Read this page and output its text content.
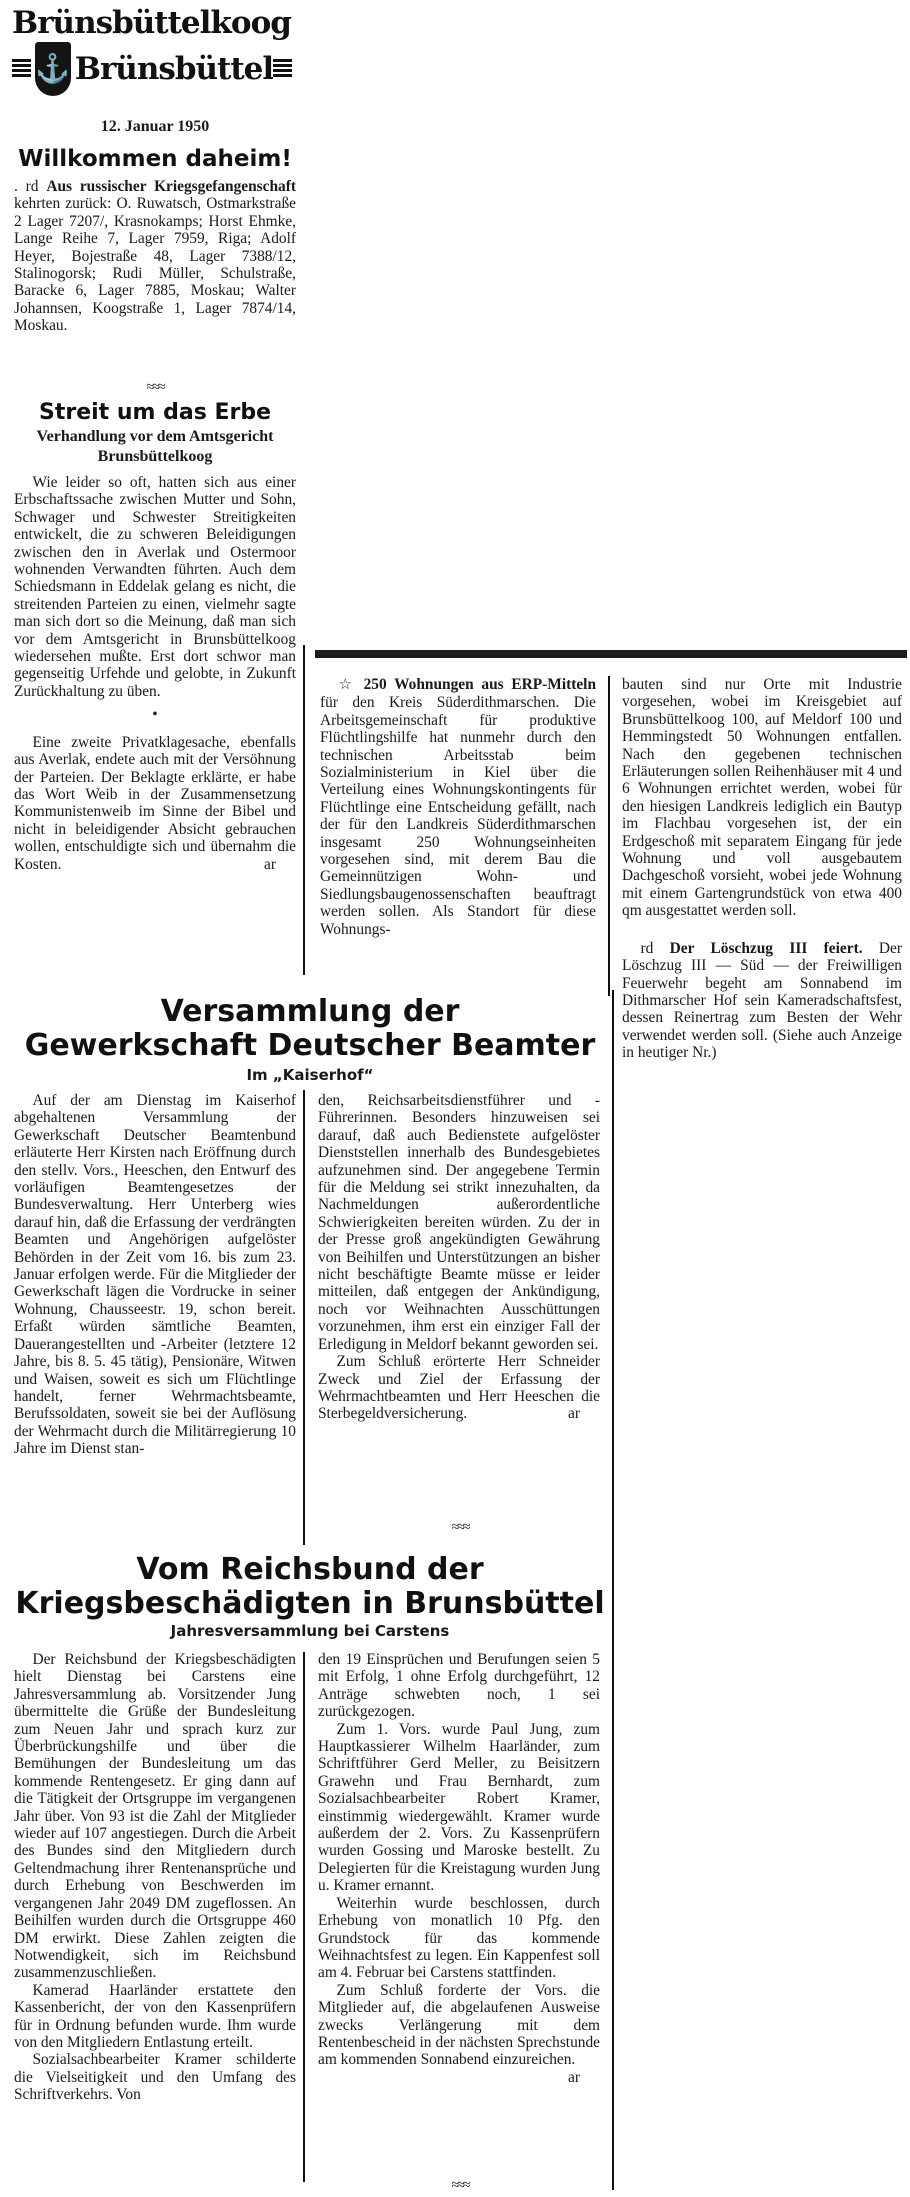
Brünsbüttelkoog
⚓ Brünsbüttel
12. Januar 1950
Willkommen daheim!

. rd Aus russischer Kriegsgefangenschaft kehrten zurück: O. Ruwatsch, Ostmarkstraße 2 Lager 7207/, Krasnokamps; Horst Ehmke, Lange Reihe 7, Lager 7959, Riga; Adolf Heyer, Bojestraße 48, Lager 7388/12, Stalinogorsk; Rudi Müller, Schulstraße, Baracke 6, Lager 7885, Moskau; Walter Johannsen, Koogstraße 1, Lager 7874/14, Moskau.

≈≈≈
Streit um das Erbe
Verhandlung vor dem Amtsgericht Brunsbüttelkoog

Wie leider so oft, hatten sich aus einer Erbschaftssache zwischen Mutter und Sohn, Schwager und Schwester Streitigkeiten entwickelt, die zu schweren Beleidigungen zwischen den in Averlak und Ostermoor wohnenden Verwandten führten. Auch dem Schiedsmann in Eddelak gelang es nicht, die streitenden Parteien zu einen, vielmehr sagte man sich dort so die Meinung, daß man sich vor dem Amtsgericht in Brunsbüttelkoog wiedersehen mußte. Erst dort schwor man gegenseitig Urfehde und gelobte, in Zukunft Zurückhaltung zu üben.

•

Eine zweite Privatklagesache, ebenfalls aus Averlak, endete auch mit der Versöhnung der Parteien. Der Beklagte erklärte, er habe das Wort Weib in der Zusammensetzung Kommunistenweib im Sinne der Bibel und nicht in beleidigender Absicht gebrauchen wollen, entschuldigte sich und übernahm die Kosten.	ar

☆ 250 Wohnungen aus ERP-Mitteln für den Kreis Süderdithmarschen. Die Arbeitsgemeinschaft für produktive Flüchtlingshilfe hat nunmehr durch den technischen Arbeitsstab beim Sozialministerium in Kiel über die Verteilung eines Wohnungskontingents für Flüchtlinge eine Entscheidung gefällt, nach der für den Landkreis Süderdithmarschen insgesamt 250 Wohnungseinheiten vorgesehen sind, mit derem Bau die Gemeinnützigen Wohn- und Siedlungsbaugenossenschaften beauftragt werden sollen. Als Standort für diese Wohnungs-

bauten sind nur Orte mit Industrie vorgesehen, wobei im Kreisgebiet auf Brunsbüttelkoog 100, auf Meldorf 100 und Hemmingstedt 50 Wohnungen entfallen. Nach den gegebenen technischen Erläuterungen sollen Reihenhäuser mit 4 und 6 Wohnungen errichtet werden, wobei für den hiesigen Landkreis lediglich ein Bautyp im Flachbau vorgesehen ist, der ein Erdgeschoß mit separatem Eingang für jede Wohnung und voll ausgebautem Dachgeschoß vorsieht, wobei jede Wohnung mit einem Gartengrundstück von etwa 400 qm ausgestattet werden soll.

rd Der Löschzug III feiert. Der Löschzug III — Süd — der Freiwilligen Feuerwehr begeht am Sonnabend im Dithmarscher Hof sein Kameradschaftsfest, dessen Reinertrag zum Besten der Wehr verwendet werden soll. (Siehe auch Anzeige in heutiger Nr.)

Versammlung der
Gewerkschaft Deutscher Beamter
Im „Kaiserhof“

Auf der am Dienstag im Kaiserhof abgehaltenen Versammlung der Gewerkschaft Deutscher Beamtenbund erläuterte Herr Kirsten nach Eröffnung durch den stellv. Vors., Heeschen, den Entwurf des vorläufigen Beamtengesetzes der Bundesverwaltung. Herr Unterberg wies darauf hin, daß die Erfassung der verdrängten Beamten und Angehörigen aufgelöster Behörden in der Zeit vom 16. bis zum 23. Januar erfolgen werde. Für die Mitglieder der Gewerkschaft lägen die Vordrucke in seiner Wohnung, Chausseestr. 19, schon bereit. Erfaßt würden sämtliche Beamten, Dauerangestellten und -Arbeiter (letztere 12 Jahre, bis 8. 5. 45 tätig), Pensionäre, Witwen und Waisen, soweit es sich um Flüchtlinge handelt, ferner Wehrmachtsbeamte, Berufssoldaten, soweit sie bei der Auflösung der Wehrmacht durch die Militärregierung 10 Jahre im Dienst stan-

den, Reichsarbeitsdienstführer und -Führerinnen. Besonders hinzuweisen sei darauf, daß auch Bedienstete aufgelöster Dienststellen innerhalb des Bundesgebietes aufzunehmen sind. Der angegebene Termin für die Meldung sei strikt innezuhalten, da Nachmeldungen außerordentliche Schwierigkeiten bereiten würden. Zu der in der Presse groß angekündigten Gewährung von Beihilfen und Unterstützungen an bisher nicht beschäftigte Beamte müsse er leider mitteilen, daß entgegen der Ankündigung, noch vor Weihnachten Ausschüttungen vorzunehmen, ihm erst ein einziger Fall der Erledigung in Meldorf bekannt geworden sei.

Zum Schluß erörterte Herr Schneider Zweck und Ziel der Erfassung der Wehrmachtbeamten und Herr Heeschen die Sterbegeldversicherung.	ar

≈≈≈
Vom Reichsbund der
Kriegsbeschädigten in Brunsbüttel
Jahresversammlung bei Carstens

Der Reichsbund der Kriegsbeschädigten hielt Dienstag bei Carstens eine Jahresversammlung ab. Vorsitzender Jung übermittelte die Grüße der Bundesleitung zum Neuen Jahr und sprach kurz zur Überbrückungshilfe und über die Bemühungen der Bundesleitung um das kommende Rentengesetz. Er ging dann auf die Tätigkeit der Ortsgruppe im vergangenen Jahr über. Von 93 ist die Zahl der Mitglieder wieder auf 107 angestiegen. Durch die Arbeit des Bundes sind den Mitgliedern durch Geltendmachung ihrer Rentenansprüche und durch Erhebung von Beschwerden im vergangenen Jahr 2049 DM zugeflossen. An Beihilfen wurden durch die Ortsgruppe 460 DM erwirkt. Diese Zahlen zeigten die Notwendigkeit, sich im Reichsbund zusammenzuschließen.

Kamerad Haarländer erstattete den Kassenbericht, der von den Kassenprüfern für in Ordnung befunden wurde. Ihm wurde von den Mitgliedern Entlastung erteilt.

Sozialsachbearbeiter Kramer schilderte die Vielseitigkeit und den Umfang des Schriftverkehrs. Von

den 19 Einsprüchen und Berufungen seien 5 mit Erfolg, 1 ohne Erfolg durchgeführt, 12 Anträge schwebten noch, 1 sei zurückgezogen.

Zum 1. Vors. wurde Paul Jung, zum Hauptkassierer Wilhelm Haarländer, zum Schriftführer Gerd Meller, zu Beisitzern Grawehn und Frau Bernhardt, zum Sozialsachbearbeiter Robert Kramer, einstimmig wiedergewählt. Kramer wurde außerdem der 2. Vors. Zu Kassenprüfern wurden Gossing und Maroske bestellt. Zu Delegierten für die Kreistagung wurden Jung u. Kramer ernannt.

Weiterhin wurde beschlossen, durch Erhebung von monatlich 10 Pfg. den Grundstock für das kommende Weihnachtsfest zu legen. Ein Kappenfest soll am 4. Februar bei Carstens stattfinden.

Zum Schluß forderte der Vors. die Mitglieder auf, die abgelaufenen Ausweise zwecks Verlängerung mit dem Rentenbescheid in der nächsten Sprechstunde am kommenden Sonnabend einzureichen.
ar

≈≈≈
